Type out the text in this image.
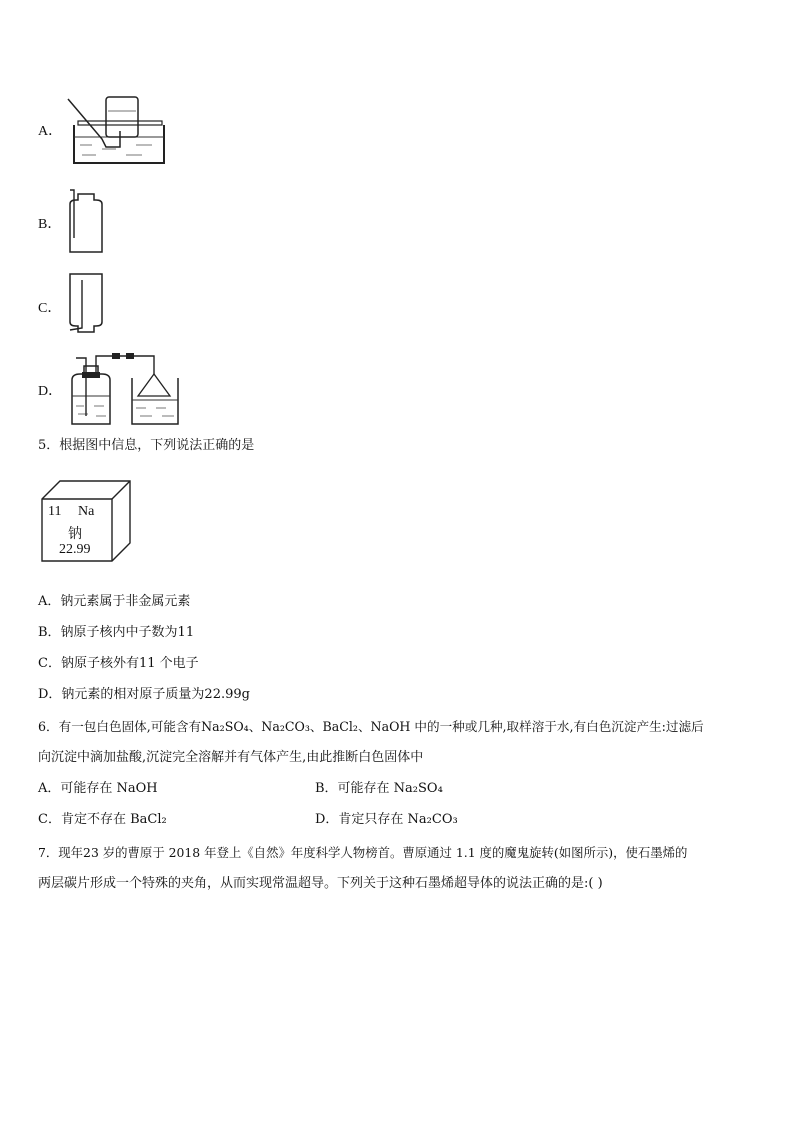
A．
B．
C．
D．
5．根据图中信息，下列说法正确的是
11 Na
钠
22.99
A．钠元素属于非金属元素
B．钠原子核内中子数为11
C．钠原子核外有11 个电子
D．钠元素的相对原子质量为22.99g
6．有一包白色固体,可能含有Na₂SO₄、Na₂CO₃、BaCl₂、NaOH 中的一种或几种,取样溶于水,有白色沉淀产生:过滤后
向沉淀中滴加盐酸,沉淀完全溶解并有气体产生,由此推断白色固体中
A．可能存在 NaOH	B．可能存在 Na₂SO₄
C．肯定不存在 BaCl₂	D．肯定只存在 Na₂CO₃
7．现年23 岁的曹原于 2018 年登上《自然》年度科学人物榜首。曹原通过 1.1 度的魔鬼旋转(如图所示)，使石墨烯的
两层碳片形成一个特殊的夹角，从而实现常温超导。下列关于这种石墨烯超导体的说法正确的是:( )
